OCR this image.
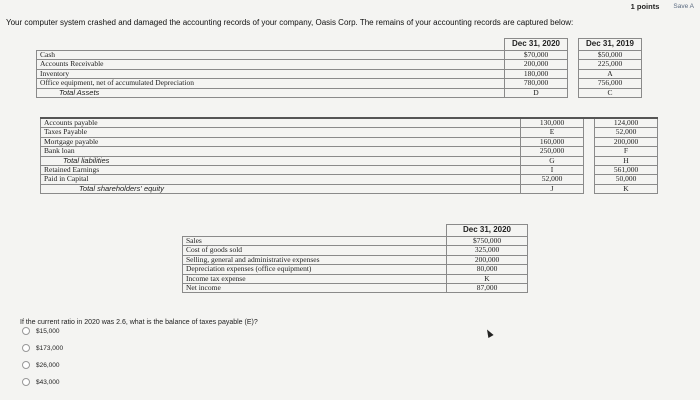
1 points Save A
Your computer system crashed and damaged the accounting records of your company, Oasis Corp. The remains of your accounting records are captured below:
	Dec 31, 2020		Dec 31, 2019
Cash	$70,000		$50,000
Accounts Receivable	200,000		225,000
Inventory	180,000		A
Office equipment, net of accumulated Depreciation	780,000		756,000
Total Assets	D		C
Accounts payable	130,000		124,000
Taxes Payable	E		52,000
Mortgage payable	160,000		200,000
Bank loan	250,000		F
Total liabilities	G		H
Retained Earnings	I		561,000
Paid in Capital	52,000		50,000
Total shareholders' equity	J		K
	Dec 31, 2020
Sales	$750,000
Cost of goods sold	325,000
Selling, general and administrative expenses	200,000
Depreciation expenses (office equipment)	80,000
Income tax expense	K
Net income	87,000
If the current ratio in 2020 was 2.6, what is the balance of taxes payable (E)?
$15,000
$173,000
$26,000
$43,000
